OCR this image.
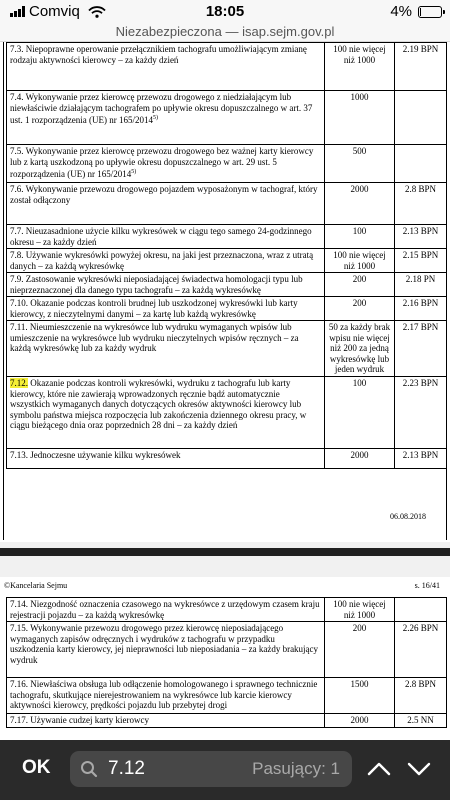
Comviq	18:05	4%
Niezabezpieczona — isap.sejm.gov.pl
7.3. Niepoprawne operowanie przełącznikiem tachografu umożliwiającym zmianę rodzaju aktywności kierowcy – za każdy dzień	100 nie więcej niż 1000	2.19 BPN
7.4. Wykonywanie przez kierowcę przewozu drogowego z niedziałającym lub niewłaściwie działającym tachografem po upływie okresu dopuszczalnego w art. 37 ust. 1 rozporządzenia (UE) nr 165/2014$^{5)}$	1000	
7.5. Wykonywanie przez kierowcę przewozu drogowego bez ważnej karty kierowcy lub z kartą uszkodzoną po upływie okresu dopuszczalnego w art. 29 ust. 5 rozporządzenia (UE) nr 165/2014$^{5)}$	500	
7.6. Wykonywanie przewozu drogowego pojazdem wyposażonym w tachograf, który został odłączony	2000	2.8 BPN
7.7. Nieuzasadnione użycie kilku wykresówek w ciągu tego samego 24-godzinnego okresu – za każdy dzień	100	2.13 BPN
7.8. Używanie wykresówki powyżej okresu, na jaki jest przeznaczona, wraz z utratą danych – za każdą wykresówkę	100 nie więcej niż 1000	2.15 BPN
7.9. Zastosowanie wykresówki nieposiadającej świadectwa homologacji typu lub nieprzeznaczonej dla danego typu tachografu – za każdą wykresówkę	200	2.18 PN
7.10. Okazanie podczas kontroli brudnej lub uszkodzonej wykresówki lub karty kierowcy, z nieczytelnymi danymi – za kartę lub każdą wykresówkę	200	2.16 BPN
7.11. Nieumieszczenie na wykresówce lub wydruku wymaganych wpisów lub umieszczenie na wykresówce lub wydruku nieczytelnych wpisów ręcznych – za każdą wykresówkę lub za każdy wydruk	50 za każdy brak wpisu nie więcej niż 200 za jedną wykresówkę lub jeden wydruk	2.17 BPN
7.12. Okazanie podczas kontroli wykresówki, wydruku z tachografu lub karty kierowcy, które nie zawierają wprowadzonych ręcznie bądź automatycznie wszystkich wymaganych danych dotyczących okresów aktywności kierowcy lub symbolu państwa miejsca rozpoczęcia lub zakończenia dziennego okresu pracy, w ciągu bieżącego dnia oraz poprzednich 28 dni – za każdy dzień	100	2.23 BPN
7.13. Jednoczesne używanie kilku wykresówek	2000	2.13 BPN
06.08.2018
©Kancelaria Sejmu	s. 16/41
7.14. Niezgodność oznaczenia czasowego na wykresówce z urzędowym czasem kraju rejestracji pojazdu – za każdą wykresówkę	100 nie więcej niż 1000	
7.15. Wykonywanie przewozu drogowego przez kierowcę nieposiadającego wymaganych zapisów odręcznych i wydruków z tachografu w przypadku uszkodzenia karty kierowcy, jej nieprawności lub nieposiadania – za każdy brakujący wydruk	200	2.26 BPN
7.16. Niewłaściwa obsługa lub odłączenie homologowanego i sprawnego technicznie tachografu, skutkujące nierejestrowaniem na wykresówce lub karcie kierowcy aktywności kierowcy, prędkości pojazdu lub przebytej drogi	1500	2.8 BPN
7.17. Używanie cudzej karty kierowcy	2000	2.5 NN
OK	7.12	Pasujący: 1
